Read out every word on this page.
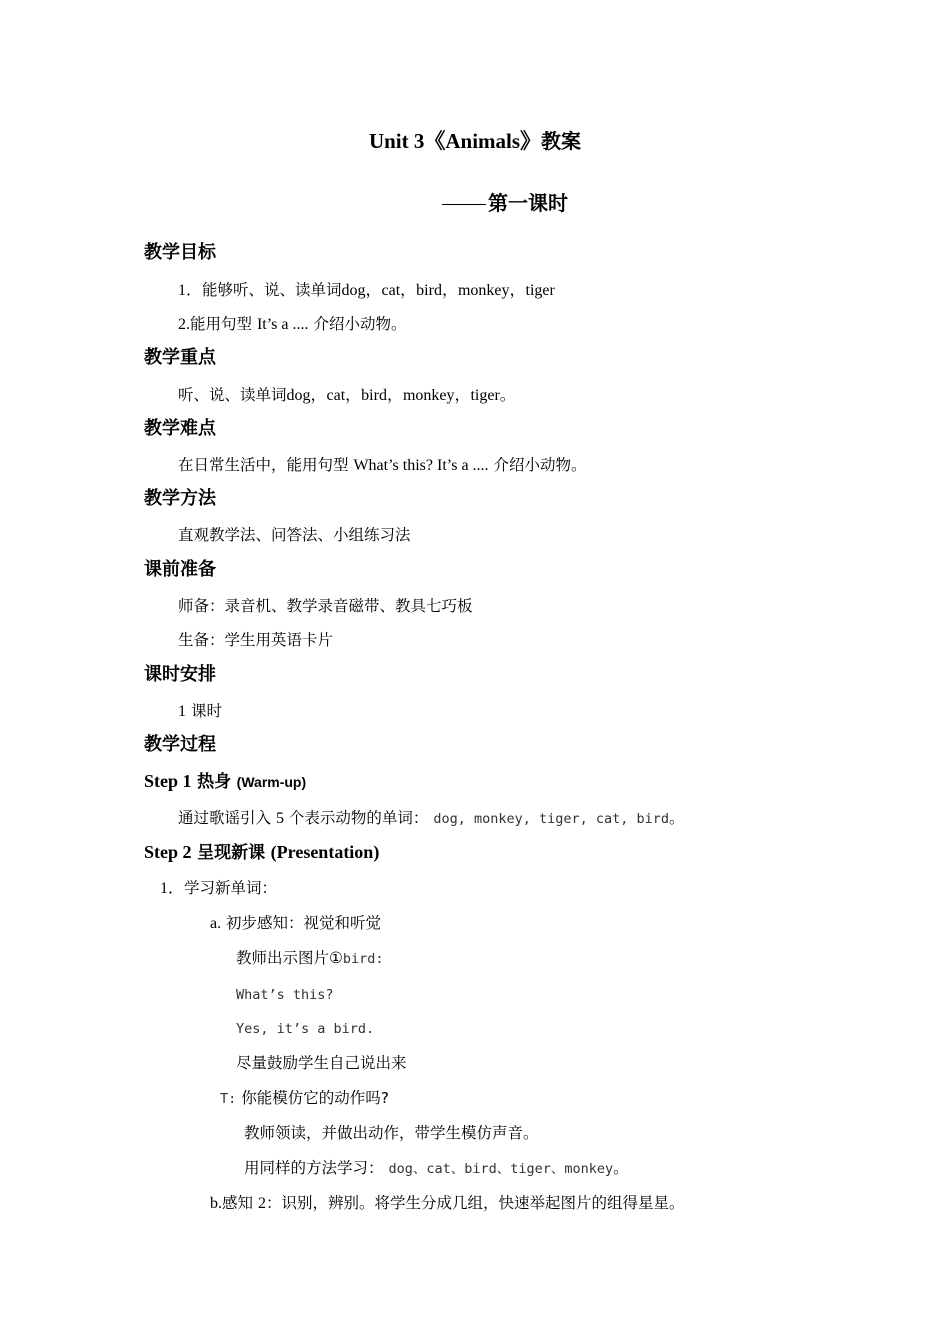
Unit 3《Animals》教案
第一课时
教学目标
1．能够听、说、读单词dog，cat，bird，monkey，tiger
2.能用句型 It’s a .... 介绍小动物。
教学重点
听、说、读单词dog，cat，bird，monkey，tiger。
教学难点
在日常生活中，能用句型 What’s this? It’s a .... 介绍小动物。
教学方法
直观教学法、问答法、小组练习法
课前准备
师备：录音机、教学录音磁带、教具七巧板
生备：学生用英语卡片
课时安排
1 课时
教学过程
Step 1 热身 (Warm-up)
通过歌谣引入 5 个表示动物的单词： dog, monkey, tiger, cat, bird。
Step 2 呈现新课 (Presentation)
1．学习新单词：
a. 初步感知：视觉和听觉
教师出示图片①bird:
What’s this?
Yes, it’s a bird.
尽量鼓励学生自己说出来
T: 你能模仿它的动作吗?
教师领读，并做出动作，带学生模仿声音。
用同样的方法学习： dog、cat、bird、tiger、monkey。
b.感知 2：识别，辨别。将学生分成几组，快速举起图片的组得星星。
